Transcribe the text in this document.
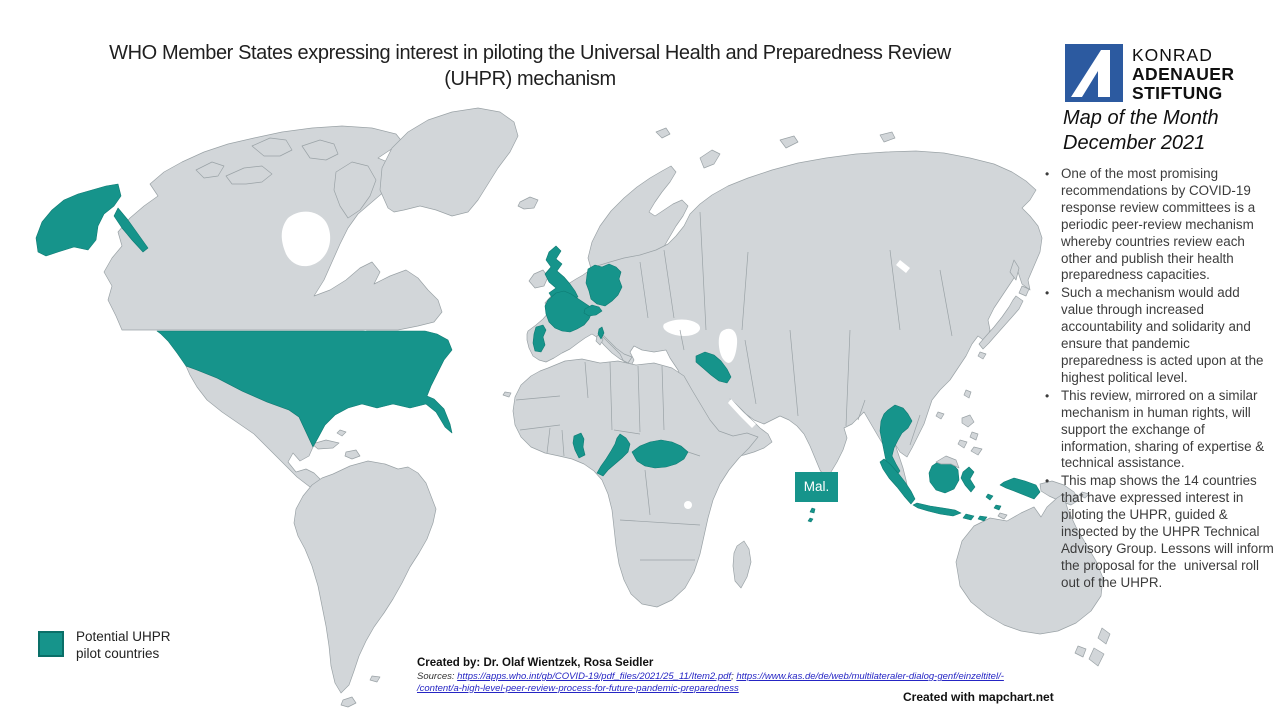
Mal.
WHO Member States expressing interest in piloting the Universal Health and Preparedness Review
(UHPR) mechanism
KONRAD
ADENAUER
STIFTUNG
Map of the Month
December 2021
• One of the most promising recommendations by COVID-19 response review committees is a periodic peer-review mechanism whereby countries review each other and publish their health preparedness capacities.
• Such a mechanism would add value through increased accountability and solidarity and ensure that pandemic preparedness is acted upon at the highest political level.
• This review, mirrored on a similar mechanism in human rights, will support the exchange of information, sharing of expertise & technical assistance.
• This map shows the 14 countries that have expressed interest in piloting the UHPR, guided & inspected by the UHPR Technical Advisory Group. Lessons will inform the proposal for the  universal roll out of the UHPR.
Potential UHPR
pilot countries
Created by: Dr. Olaf Wientzek, Rosa Seidler
Sources: https://apps.who.int/gb/COVID-19/pdf_files/2021/25_11/Item2.pdf; https://www.kas.de/de/web/multilateraler-dialog-genf/einzeltitel/-
/content/a-high-level-peer-review-process-for-future-pandemic-preparedness
Created with mapchart.net
